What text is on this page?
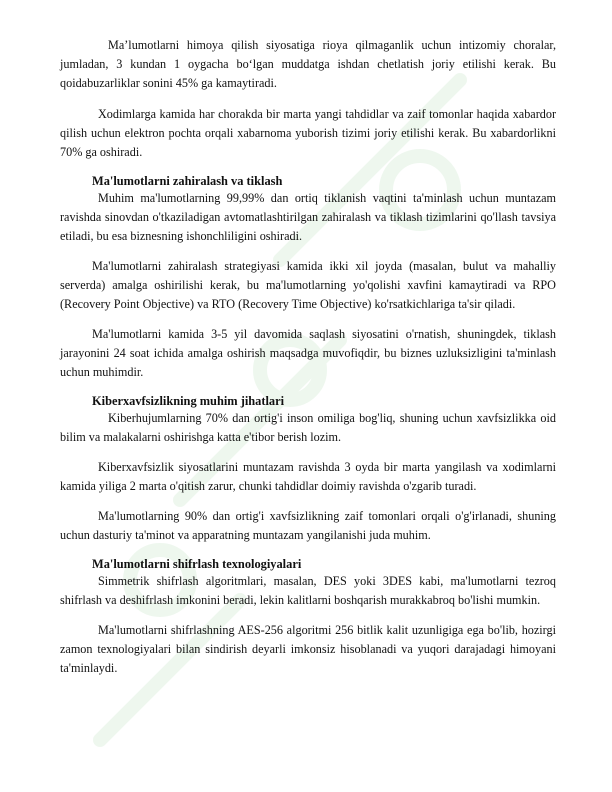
Ma’lumotlarni himoya qilish siyosatiga rioya qilmaganlik uchun intizomiy choralar, jumladan, 3 kundan 1 oygacha bo‘lgan muddatga ishdan chetlatish joriy etilishi kerak. Bu qoidabuzarliklar sonini 45% ga kamaytiradi.

Xodimlarga kamida har chorakda bir marta yangi tahdidlar va zaif tomonlar haqida xabardor qilish uchun elektron pochta orqali xabarnoma yuborish tizimi joriy etilishi kerak. Bu xabardorlikni 70% ga oshiradi.

Ma'lumotlarni zahiralash va tiklash

Muhim ma'lumotlarning 99,99% dan ortiq tiklanish vaqtini ta'minlash uchun muntazam ravishda sinovdan o'tkaziladigan avtomatlashtirilgan zahiralash va tiklash tizimlarini qo'llash tavsiya etiladi, bu esa biznesning ishonchliligini oshiradi.

Ma'lumotlarni zahiralash strategiyasi kamida ikki xil joyda (masalan, bulut va mahalliy serverda) amalga oshirilishi kerak, bu ma'lumotlarning yo'qolishi xavfini kamaytiradi va RPO (Recovery Point Objective) va RTO (Recovery Time Objective) ko'rsatkichlariga ta'sir qiladi.

Ma'lumotlarni kamida 3-5 yil davomida saqlash siyosatini o'rnatish, shuningdek, tiklash jarayonini 24 soat ichida amalga oshirish maqsadga muvofiqdir, bu biznes uzluksizligini ta'minlash uchun muhimdir.

Kiberxavfsizlikning muhim jihatlari

Kiberhujumlarning 70% dan ortig'i inson omiliga bog'liq, shuning uchun xavfsizlikka oid bilim va malakalarni oshirishga katta e'tibor berish lozim.

Kiberxavfsizlik siyosatlarini muntazam ravishda 3 oyda bir marta yangilash va xodimlarni kamida yiliga 2 marta o'qitish zarur, chunki tahdidlar doimiy ravishda o'zgarib turadi.

Ma'lumotlarning 90% dan ortig'i xavfsizlikning zaif tomonlari orqali o'g'irlanadi, shuning uchun dasturiy ta'minot va apparatning muntazam yangilanishi juda muhim.

Ma'lumotlarni shifrlash texnologiyalari

Simmetrik shifrlash algoritmlari, masalan, DES yoki 3DES kabi, ma'lumotlarni tezroq shifrlash va deshifrlash imkonini beradi, lekin kalitlarni boshqarish murakkabroq bo'lishi mumkin.

Ma'lumotlarni shifrlashning AES-256 algoritmi 256 bitlik kalit uzunligiga ega bo'lib, hozirgi zamon texnologiyalari bilan sindirish deyarli imkonsiz hisoblanadi va yuqori darajadagi himoyani ta'minlaydi.
